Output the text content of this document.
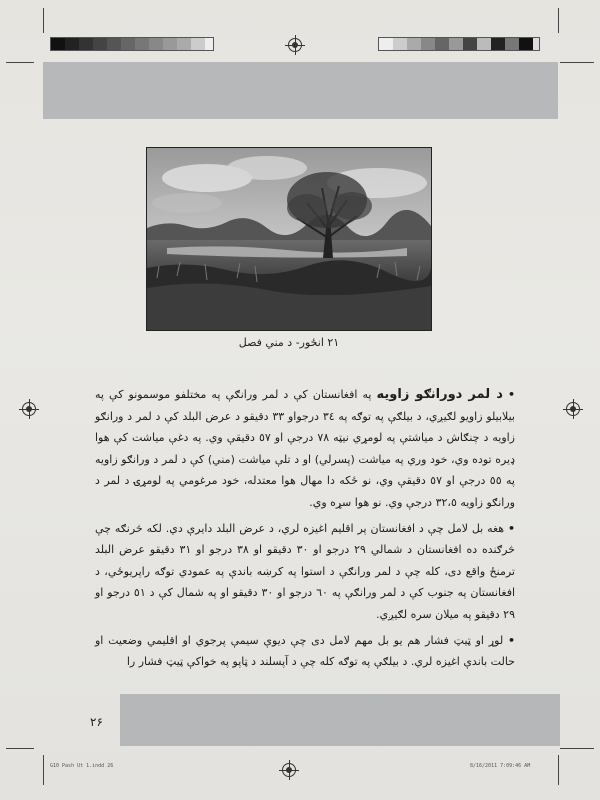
٢١ انځور- د مني فصل

• د لمر دورانګو زاويه په افغانستان کې د لمر ورانګې په مختلفو موسمونو کې په بيلابيلو زاويو لګيږي، د بيلګې په توګه په ٣٤ درجواو ٣٣ دقيقو د عرض البلد کې د لمر د ورانګو زاويه د چنګاش د مياشتې په لومړي نيټه ٧٨ درجې او ٥٧ دقيقې وي. په دغې مياشت کې هوا ډيره توده وي، خود وري په مياشت (پسرلي) او د تلې مياشت (مني) کې د لمر د ورانګو زاويه په ٥٥ درجې او ٥٧ دقيقې وي، نو ځکه دا مهال هوا معتدله، خود مرغومي په لومړۍ د لمر د ورانګو زاويه ٣٢،٥ درجې وي. نو هوا سړه وي.

• هغه بل لامل چې د افغانستان پر اقليم اغيزه لري، د عرض البلد دايرې دي. لکه څرنګه چې څرګنده ده افغانستان د شمالي ٢٩ درجو او ٣٠ دقيقو او ٣٨ درجو او ٣١ دقيقو عرض البلد ترمنځ واقع دی، کله چې د لمر ورانګې د استوا په کرښه باندې په عمودي توګه راپريوځي، د افغانستان په جنوب کې د لمر ورانګې په ٦٠ درجو او ٣٠ دقيقو او په شمال کې د ٥١ درجو او ٢٩ دقيقو په ميلان سره لګيږي.

• لوړ او ټيټ فشار هم يو بل مهم لامل دی چې ديوې سيمې پرجوي او اقليمي وضعيت او حالت باندې اغيزه لري. د بيلګې په توګه کله چې د آپسلند د ټاپو په خواکې ټيټ فشار را

٢۶
G10 Pash Ut 1.indd 26	8/16/2011 7:09:46 AM
